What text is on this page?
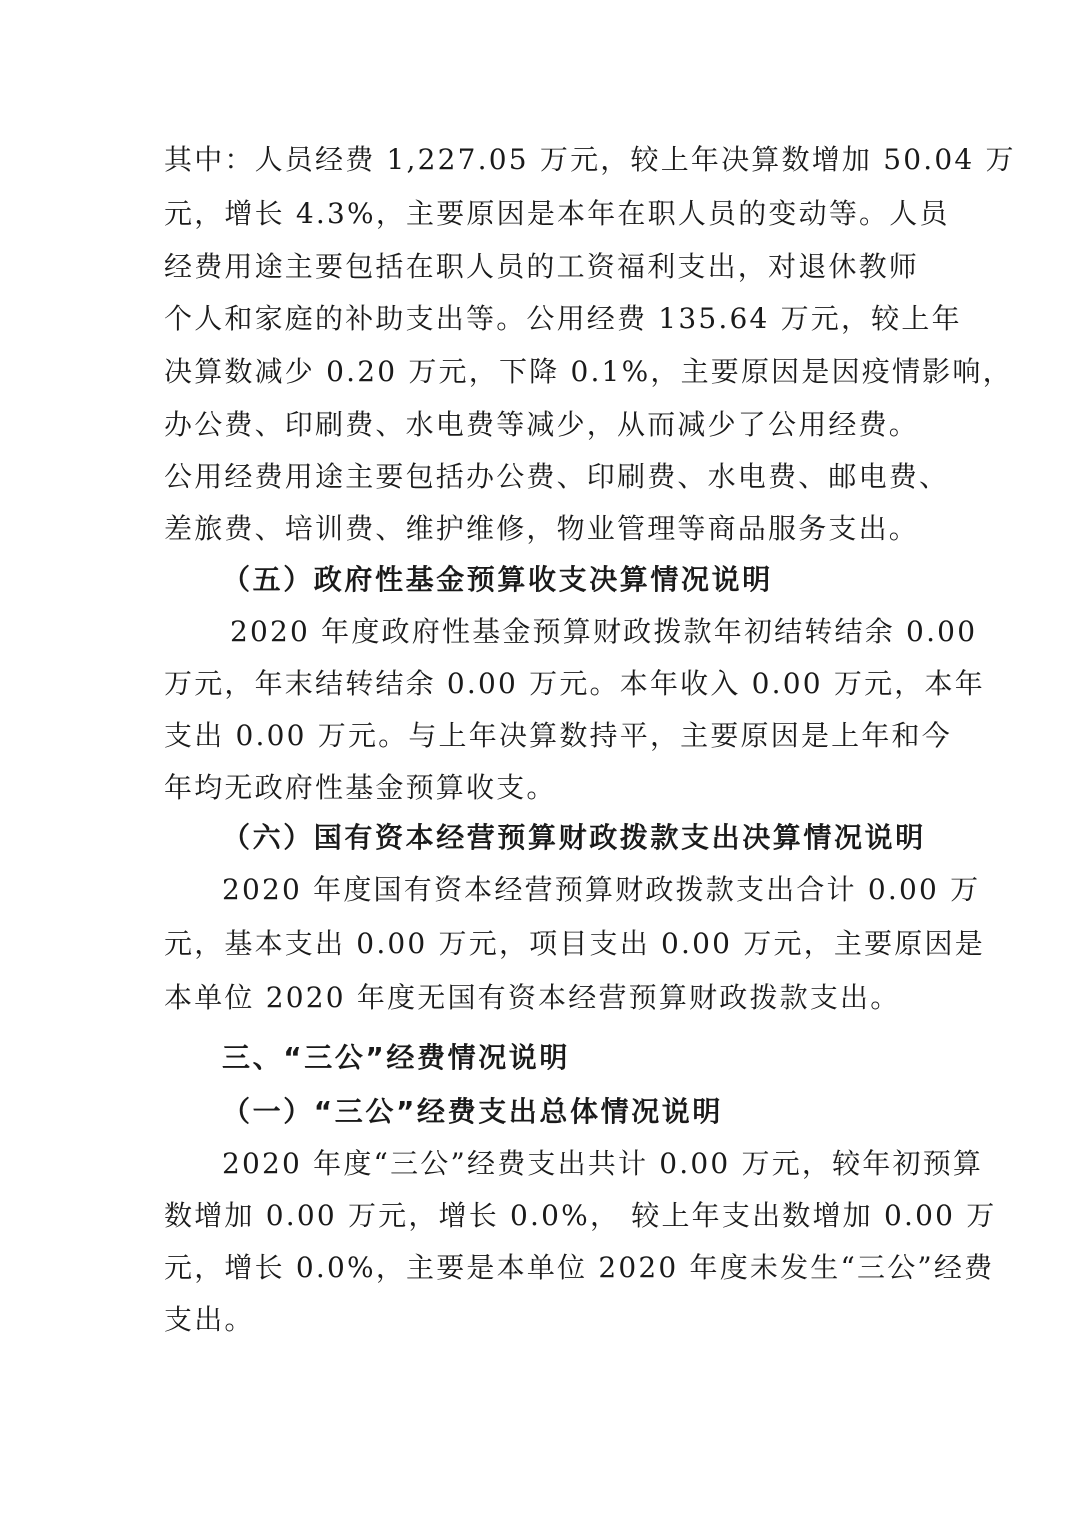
其中：人员经费 1,227.05 万元，较上年决算数增加 50.04 万
元，增长 4.3%，主要原因是本年在职人员的变动等。人员
经费用途主要包括在职人员的工资福利支出，对退休教师
个人和家庭的补助支出等。公用经费 135.64 万元，较上年
决算数减少 0.20 万元，下降 0.1%，主要原因是因疫情影响，
办公费、印刷费、水电费等减少，从而减少了公用经费。
公用经费用途主要包括办公费、印刷费、水电费、邮电费、
差旅费、培训费、维护维修，物业管理等商品服务支出。
（五）政府性基金预算收支决算情况说明
2020 年度政府性基金预算财政拨款年初结转结余 0.00
万元，年末结转结余 0.00 万元。本年收入 0.00 万元，本年
支出 0.00 万元。与上年决算数持平，主要原因是上年和今
年均无政府性基金预算收支。
（六）国有资本经营预算财政拨款支出决算情况说明
2020 年度国有资本经营预算财政拨款支出合计 0.00 万
元，基本支出 0.00 万元，项目支出 0.00 万元，主要原因是
本单位 2020 年度无国有资本经营预算财政拨款支出。
三、“三公”经费情况说明
（一）“三公”经费支出总体情况说明
2020 年度“三公”经费支出共计 0.00 万元，较年初预算
数增加 0.00 万元，增长 0.0%， 较上年支出数增加 0.00 万
元，增长 0.0%，主要是本单位 2020 年度未发生“三公”经费
支出。
